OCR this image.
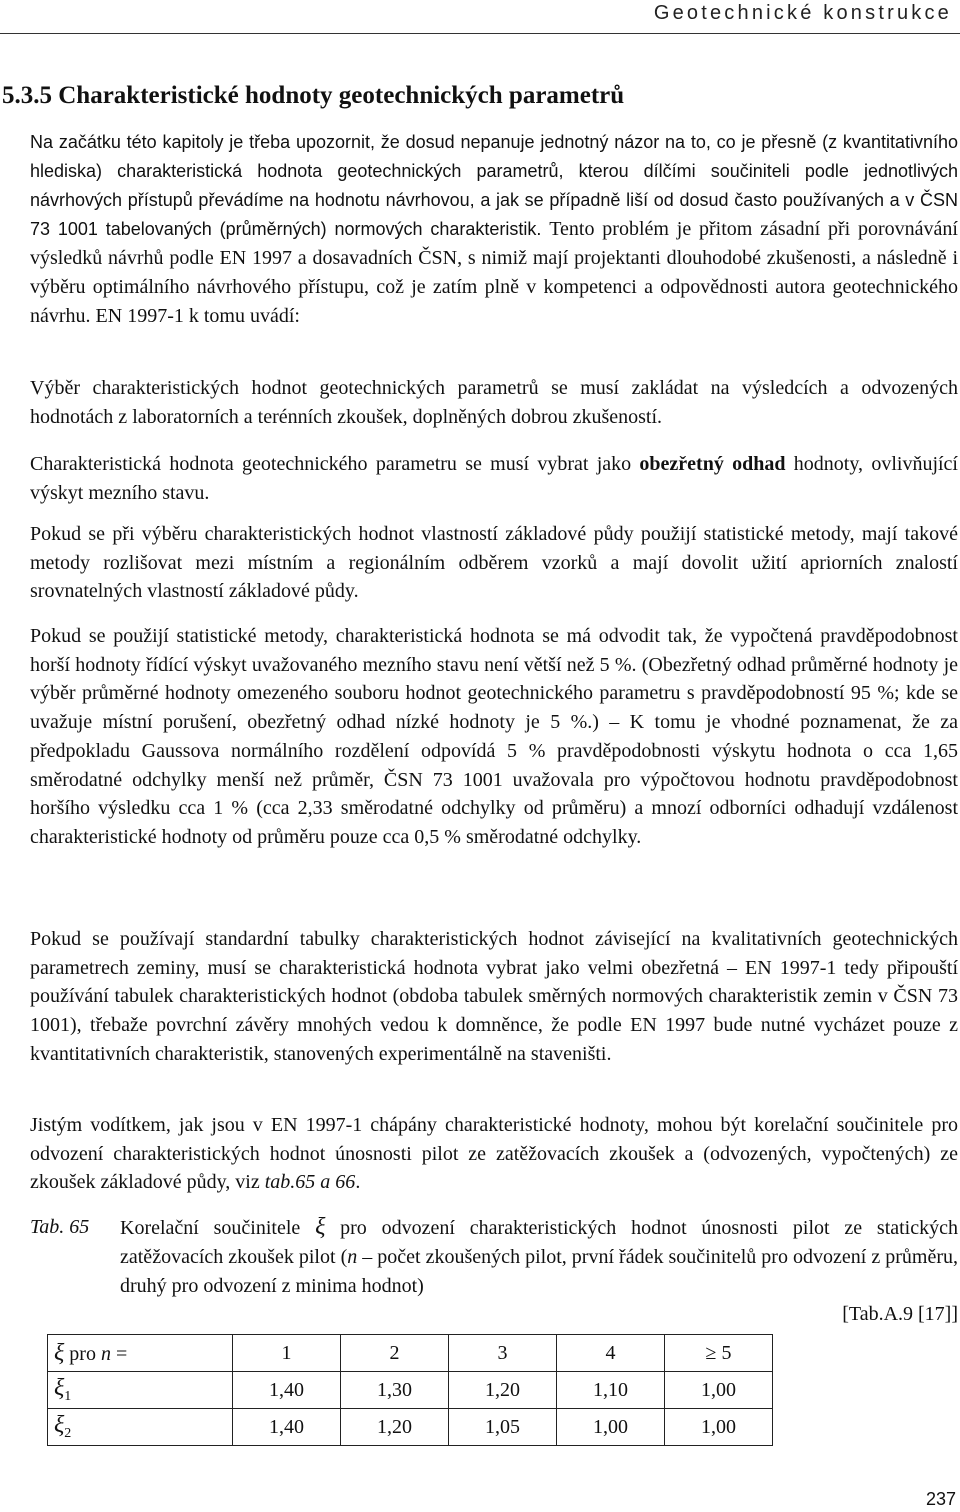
Geotechnické konstrukce
5.3.5 Charakteristické hodnoty geotechnických parametrů

Na začátku této kapitoly je třeba upozornit, že dosud nepanuje jednotný názor na to, co je přesně (z kvantitativního hlediska) charakteristická hodnota geotechnických parametrů, kterou dílčími součiniteli podle jednotlivých návrhových přístupů převádíme na hodnotu návrhovou, a jak se případně liší od dosud často používaných a v ČSN 73 1001 tabelovaných (průměrných) normových charakteristik. Tento problém je přitom zásadní při porovnávání výsledků návrhů podle EN 1997 a dosavadních ČSN, s nimiž mají projektanti dlouhodobé zkušenosti, a následně i výběru optimálního návrhového přístupu, což je zatím plně v kompetenci a odpovědnosti autora geotechnického návrhu. EN 1997-1 k tomu uvádí:

Výběr charakteristických hodnot geotechnických parametrů se musí zakládat na výsledcích a odvozených hodnotách z laboratorních a terénních zkoušek, doplněných dobrou zkušeností.

Charakteristická hodnota geotechnického parametru se musí vybrat jako obezřetný odhad hodnoty, ovlivňující výskyt mezního stavu.

Pokud se při výběru charakteristických hodnot vlastností základové půdy použijí statistické metody, mají takové metody rozlišovat mezi místním a regionálním odběrem vzorků a mají dovolit užití apriorních znalostí srovnatelných vlastností základové půdy.

Pokud se použijí statistické metody, charakteristická hodnota se má odvodit tak, že vypočtená pravděpodobnost horší hodnoty řídící výskyt uvažovaného mezního stavu není větší než 5 %. (Obezřetný odhad průměrné hodnoty je výběr průměrné hodnoty omezeného souboru hodnot geotechnického parametru s pravděpodobností 95 %; kde se uvažuje místní porušení, obezřetný odhad nízké hodnoty je 5 %.) – K tomu je vhodné poznamenat, že za předpokladu Gaussova normálního rozdělení odpovídá 5 % pravděpodobnosti výskytu hodnota o cca 1,65 směrodatné odchylky menší než průměr, ČSN 73 1001 uvažovala pro výpočtovou hodnotu pravděpodobnost horšího výsledku cca 1 % (cca 2,33 směrodatné odchylky od průměru) a mnozí odborníci odhadují vzdálenost charakteristické hodnoty od průměru pouze cca 0,5 % směrodatné odchylky.

Pokud se používají standardní tabulky charakteristických hodnot závisející na kvalitativních geotechnických parametrech zeminy, musí se charakteristická hodnota vybrat jako velmi obezřetná – EN 1997-1 tedy připouští používání tabulek charakteristických hodnot (obdoba tabulek směrných normových charakteristik zemin v ČSN 73 1001), třebaže povrchní závěry mnohých vedou k domněnce, že podle EN 1997 bude nutné vycházet pouze z kvantitativních charakteristik, stanovených experimentálně na staveništi.

Jistým vodítkem, jak jsou v EN 1997-1 chápány charakteristické hodnoty, mohou být korelační součinitele pro odvození charakteristických hodnot únosnosti pilot ze zatěžovacích zkoušek a (odvozených, vypočtených) ze zkoušek základové půdy, viz tab.65 a 66.

Tab. 65	Korelační součinitele ξ pro odvození charakteristických hodnot únosnosti pilot ze statických zatěžovacích zkoušek pilot (n – počet zkoušených pilot, první řádek součinitelů pro odvození z průměru, druhý pro odvození z minima hodnot)
[Tab.A.9 [17]]
ξ pro n =	1	2	3	4	≥ 5
$\xi_1$	1,40	1,30	1,20	1,10	1,00
$\xi_2$	1,40	1,20	1,05	1,00	1,00
237
